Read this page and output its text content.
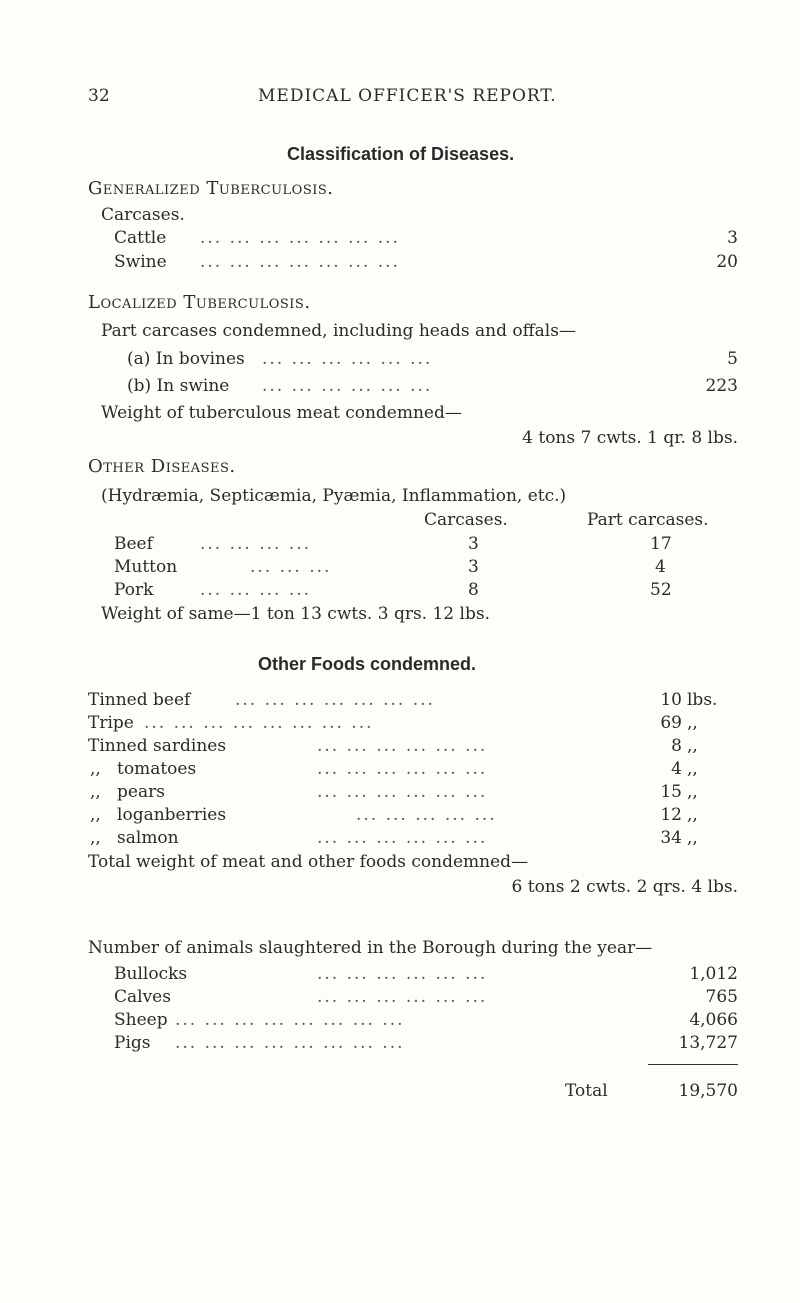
32	MEDICAL OFFICER'S REPORT.
Classification of Diseases.
Generalized Tuberculosis.
Carcases.
Cattle ... ... ... ... ... ... ...	3
Swine ... ... ... ... ... ... ...	20
Localized Tuberculosis.
Part carcases condemned, including heads and offals—
(a) In bovines ... ... ... ... ... ...	5
(b) In swine ... ... ... ... ... ...	223
Weight of tuberculous meat condemned—
4 tons 7 cwts. 1 qr. 8 lbs.
Other Diseases.
(Hydræmia, Septicæmia, Pyæmia, Inflammation, etc.)
Carcases.	Part carcases.
Beef	... ... ... ...	3	17
Mutton	... ... ...	3	4
Pork	... ... ... ...	8	52
Weight of same—1 ton 13 cwts. 3 qrs. 12 lbs.
Other Foods condemned.
Tinned beef	... ... ... ... ... ... ...	10 lbs.
Tripe ... ... ... ... ... ... ... ...	69 ,,
Tinned sardines	... ... ... ... ... ...	8 ,,
,,   tomatoes	... ... ... ... ... ...	4 ,,
,,   pears	... ... ... ... ... ...	15 ,,
,,   loganberries	... ... ... ... ...	12 ,,
,,   salmon	... ... ... ... ... ...	34 ,,
Total weight of meat and other foods condemned—
6 tons 2 cwts. 2 qrs. 4 lbs.
Number of animals slaughtered in the Borough during the year—
Bullocks	... ... ... ... ... ...	1,012
Calves	... ... ... ... ... ...	765
Sheep ... ... ... ... ... ... ... ...	4,066
Pigs ... ... ... ... ... ... ... ...	13,727
Total	19,570
